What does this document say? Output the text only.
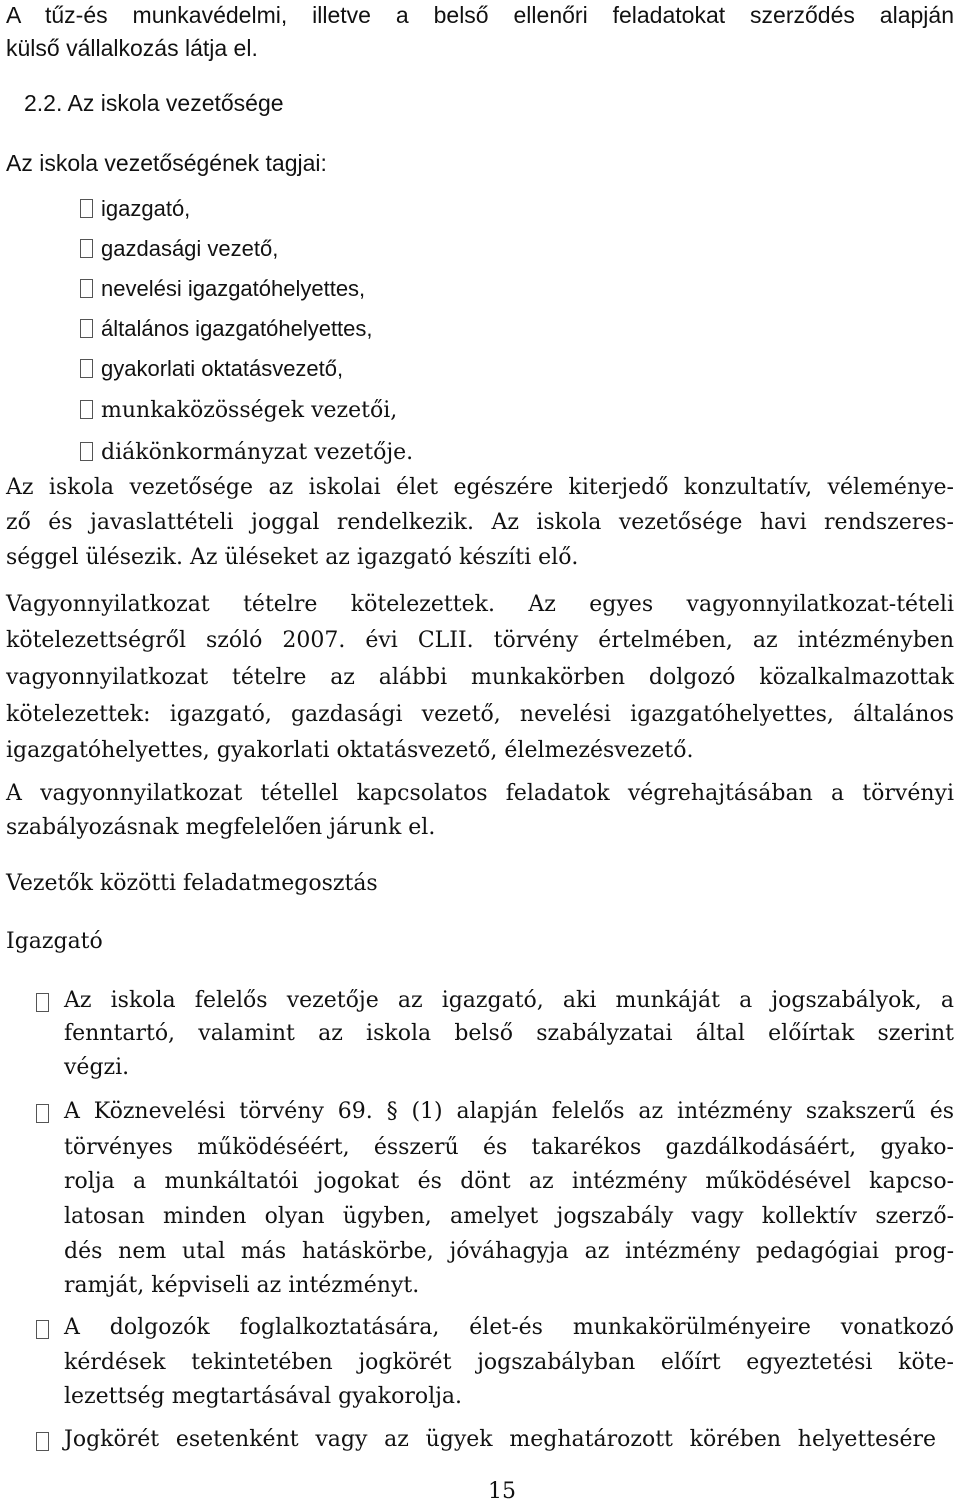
A tűz-és munkavédelmi, illetve a belső ellenőri feladatokat szerződés alapján
külső vállalkozás látja el.
2.2. Az iskola vezetősége
Az iskola vezetőségének tagjai:
igazgató,
gazdasági vezető,
nevelési igazgatóhelyettes,
általános igazgatóhelyettes,
gyakorlati oktatásvezető,
munkaközösségek vezetői,
diákönkormányzat vezetője.
Az iskola vezetősége az iskolai élet egészére kiterjedő konzultatív, véleménye-
ző és javaslattételi joggal rendelkezik. Az iskola vezetősége havi rendszeres-
séggel ülésezik. Az üléseket az igazgató készíti elő.
Vagyonnyilatkozat tételre kötelezettek. Az egyes vagyonnyilatkozat-tételi
kötelezettségről szóló 2007. évi CLII. törvény értelmében, az intézményben
vagyonnyilatkozat tételre az alábbi munkakörben dolgozó közalkalmazottak
kötelezettek: igazgató, gazdasági vezető, nevelési igazgatóhelyettes, általános
igazgatóhelyettes, gyakorlati oktatásvezető, élelmezésvezető.
A vagyonnyilatkozat tétellel kapcsolatos feladatok végrehajtásában a törvényi
szabályozásnak megfelelően járunk el.
Vezetők közötti feladatmegosztás
Igazgató
Az iskola felelős vezetője az igazgató, aki munkáját a jogszabályok, a
fenntartó, valamint az iskola belső szabályzatai által előírtak szerint
végzi.
A Köznevelési törvény 69. § (1) alapján felelős az intézmény szakszerű és
törvényes működéséért, ésszerű és takarékos gazdálkodásáért, gyako-
rolja a munkáltatói jogokat és dönt az intézmény működésével kapcso-
latosan minden olyan ügyben, amelyet jogszabály vagy kollektív szerző-
dés nem utal más hatáskörbe, jóváhagyja az intézmény pedagógiai prog-
ramját, képviseli az intézményt.
A dolgozók foglalkoztatására, élet-és munkakörülményeire vonatkozó
kérdések tekintetében jogkörét jogszabályban előírt egyeztetési köte-
lezettség megtartásával gyakorolja.
Jogkörét esetenként vagy az ügyek meghatározott körében helyettesére
15
